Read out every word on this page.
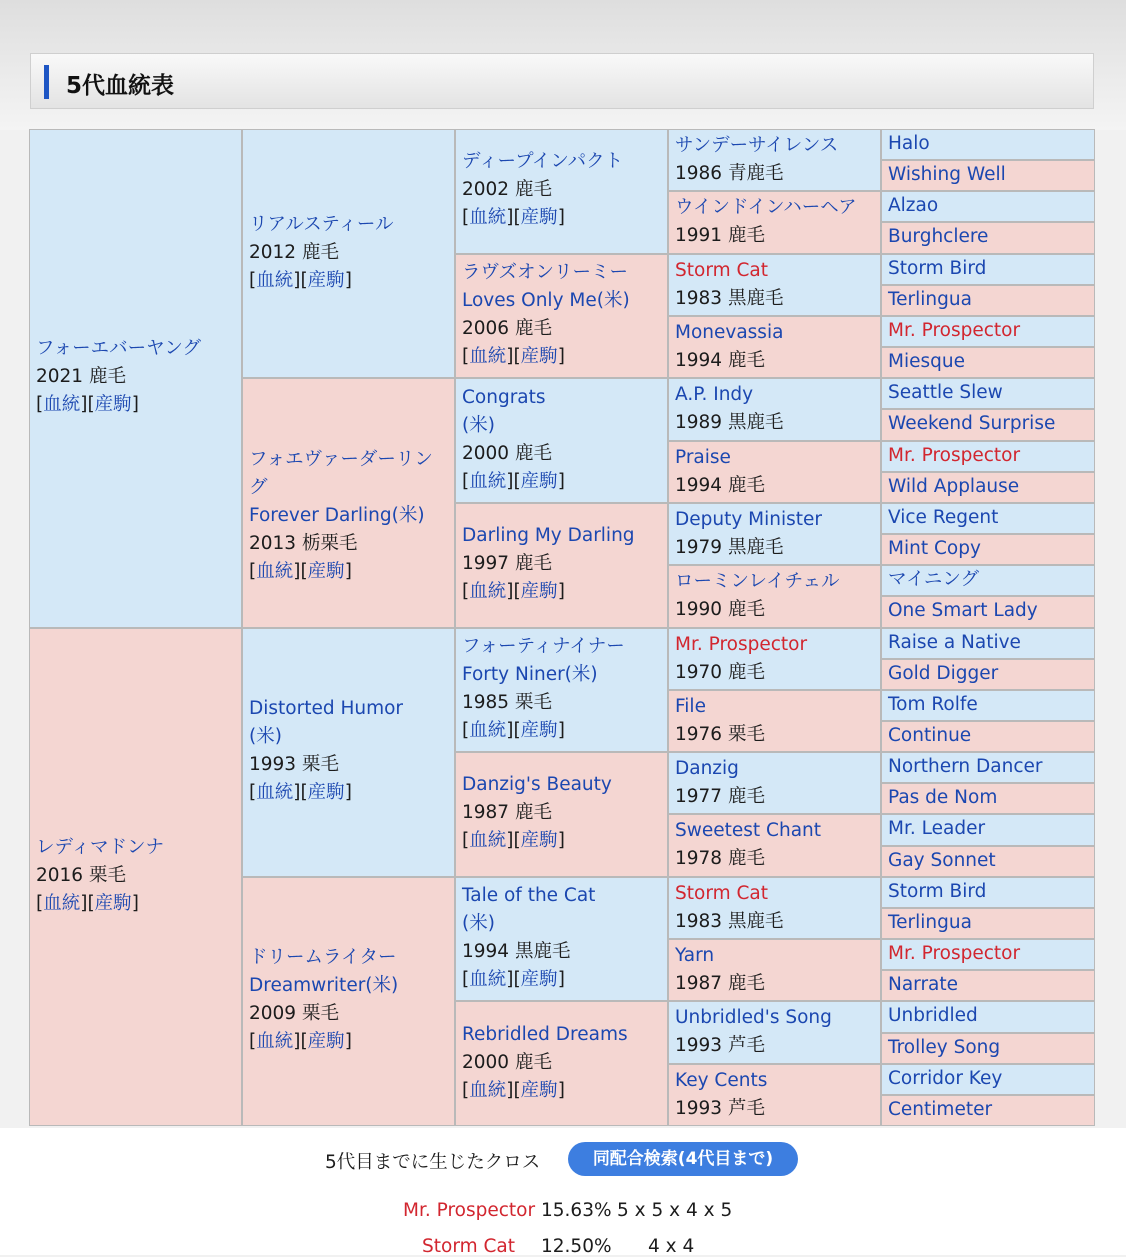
5代血統表
フォーエバーヤング
2021 鹿毛
[血統][産駒]
レディマドンナ
2016 栗毛
[血統][産駒]
リアルスティール
2012 鹿毛
[血統][産駒]
フォエヴァーダーリング
Forever Darling(米)
2013 栃栗毛
[血統][産駒]
Distorted Humor
(米)
1993 栗毛
[血統][産駒]
ドリームライター
Dreamwriter(米)
2009 栗毛
[血統][産駒]
ディープインパクト
2002 鹿毛
[血統][産駒]
ラヴズオンリーミー
Loves Only Me(米)
2006 鹿毛
[血統][産駒]
Congrats
(米)
2000 鹿毛
[血統][産駒]
Darling My Darling
1997 鹿毛
[血統][産駒]
フォーティナイナー
Forty Niner(米)
1985 栗毛
[血統][産駒]
Danzig's Beauty
1987 鹿毛
[血統][産駒]
Tale of the Cat
(米)
1994 黒鹿毛
[血統][産駒]
Rebridled Dreams
2000 鹿毛
[血統][産駒]
サンデーサイレンス
1986 青鹿毛
ウインドインハーヘア
1991 鹿毛
Storm Cat
1983 黒鹿毛
Monevassia
1994 鹿毛
A.P. Indy
1989 黒鹿毛
Praise
1994 鹿毛
Deputy Minister
1979 黒鹿毛
ローミンレイチェル
1990 鹿毛
Mr. Prospector
1970 鹿毛
File
1976 栗毛
Danzig
1977 鹿毛
Sweetest Chant
1978 鹿毛
Storm Cat
1983 黒鹿毛
Yarn
1987 鹿毛
Unbridled's Song
1993 芦毛
Key Cents
1993 芦毛
Halo
Wishing Well
Alzao
Burghclere
Storm Bird
Terlingua
Mr. Prospector
Miesque
Seattle Slew
Weekend Surprise
Mr. Prospector
Wild Applause
Vice Regent
Mint Copy
マイニング
One Smart Lady
Raise a Native
Gold Digger
Tom Rolfe
Continue
Northern Dancer
Pas de Nom
Mr. Leader
Gay Sonnet
Storm Bird
Terlingua
Mr. Prospector
Narrate
Unbridled
Trolley Song
Corridor Key
Centimeter
5代目までに生じたクロス	同配合検索(4代目まで)
Mr. Prospector 15.63% 5 x 5 x 4 x 5
Storm Cat 12.50% 4 x 4
